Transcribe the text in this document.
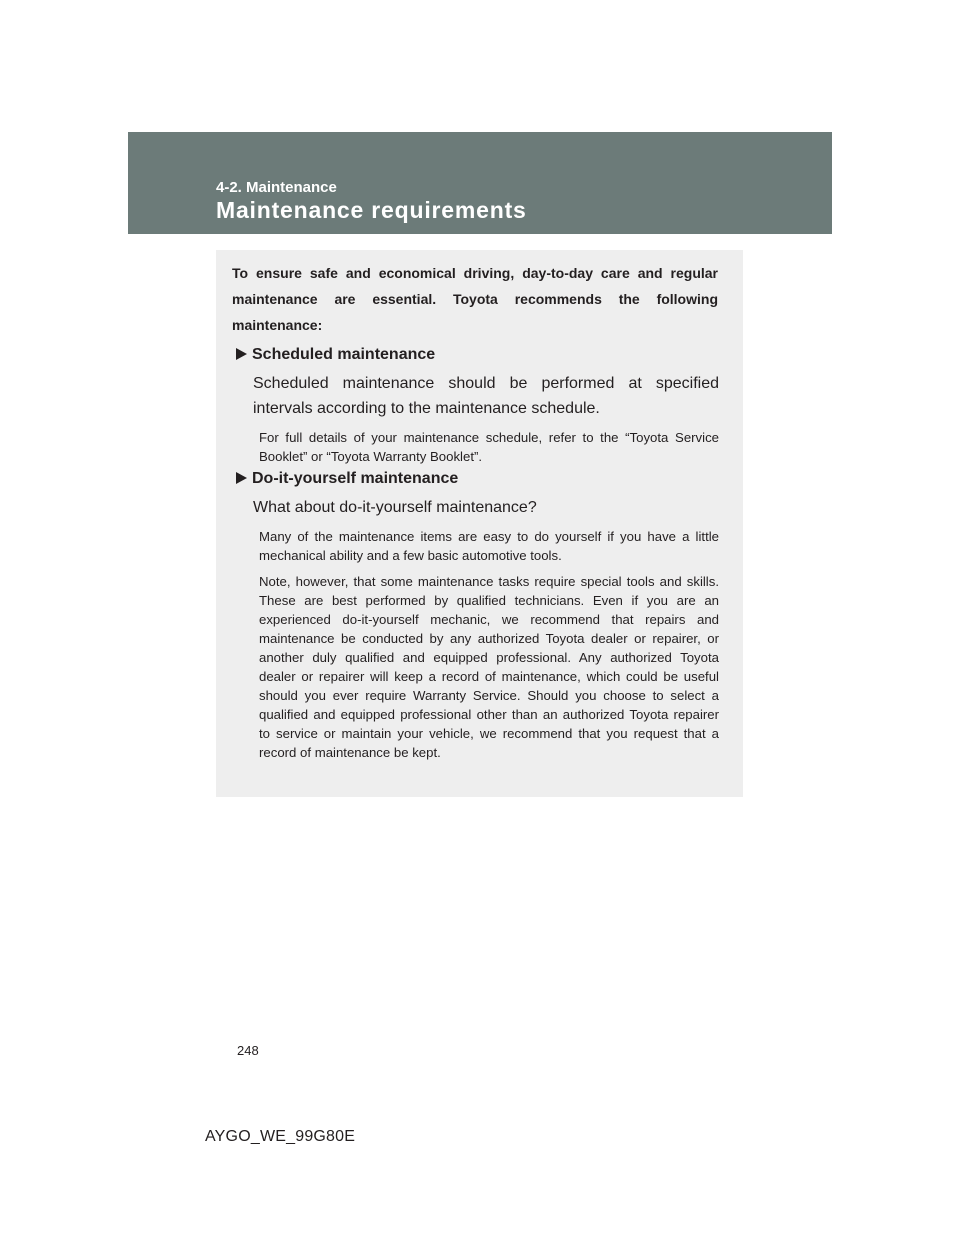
4-2. Maintenance
Maintenance requirements

To ensure safe and economical driving, day-to-day care and regular maintenance are essential. Toyota recommends the following maintenance:

Scheduled maintenance

Scheduled maintenance should be performed at specified intervals according to the maintenance schedule.

For full details of your maintenance schedule, refer to the “Toyota Service Booklet” or “Toyota Warranty Booklet”.

Do-it-yourself maintenance

What about do-it-yourself maintenance?

Many of the maintenance items are easy to do yourself if you have a little mechanical ability and a few basic automotive tools.

Note, however, that some maintenance tasks require special tools and skills. These are best performed by qualified technicians. Even if you are an experienced do-it-yourself mechanic, we recommend that repairs and maintenance be conducted by any authorized Toyota dealer or repairer, or another duly qualified and equipped professional. Any authorized Toyota dealer or repairer will keep a record of maintenance, which could be useful should you ever require Warranty Service. Should you choose to select a qualified and equipped professional other than an authorized Toyota repairer to service or maintain your vehicle, we recommend that you request that a record of maintenance be kept.

248
AYGO_WE_99G80E
